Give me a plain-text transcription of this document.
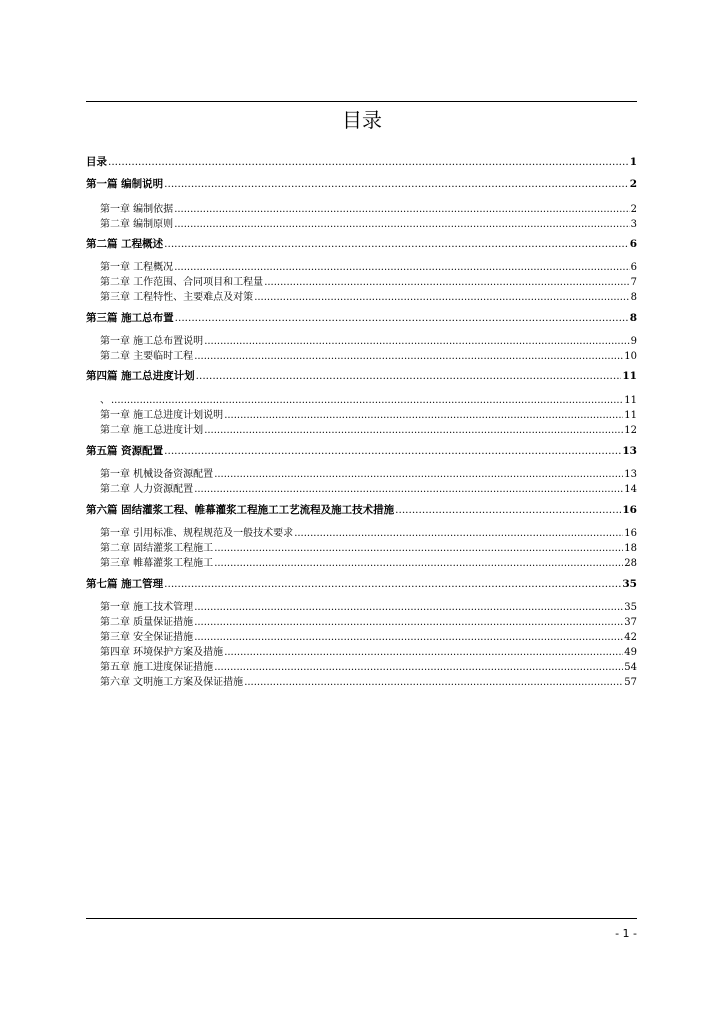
目录
目录 .....	1
第一篇 编制说明 .....	2
第一章 编制依据 .....	2
第二章 编制原则 .....	3
第二篇 工程概述 .....	6
第一章 工程概况 .....	6
第二章 工作范围、合同项目和工程量 .....	7
第三章 工程特性、主要难点及对策 .....	8
第三篇 施工总布置 .....	8
第一章 施工总布置说明 .....	9
第二章 主要临时工程 .....	10
第四篇 施工总进度计划 .....	11
、 .....	11
第一章 施工总进度计划说明 .....	11
第二章 施工总进度计划 .....	12
第五篇 资源配置 .....	13
第一章 机械设备资源配置 .....	13
第二章 人力资源配置 .....	14
第六篇 固结灌浆工程、帷幕灌浆工程施工工艺流程及施工技术措施 .....	16
第一章 引用标准、规程规范及一般技术要求 .....	16
第二章 固结灌浆工程施工 .....	18
第三章 帷幕灌浆工程施工 .....	28
第七篇 施工管理 .....	35
第一章 施工技术管理 .....	35
第二章 质量保证措施 .....	37
第三章 安全保证措施 .....	42
第四章 环境保护方案及措施 .....	49
第五章 施工进度保证措施 .....	54
第六章 文明施工方案及保证措施 .....	57
- 1 -
